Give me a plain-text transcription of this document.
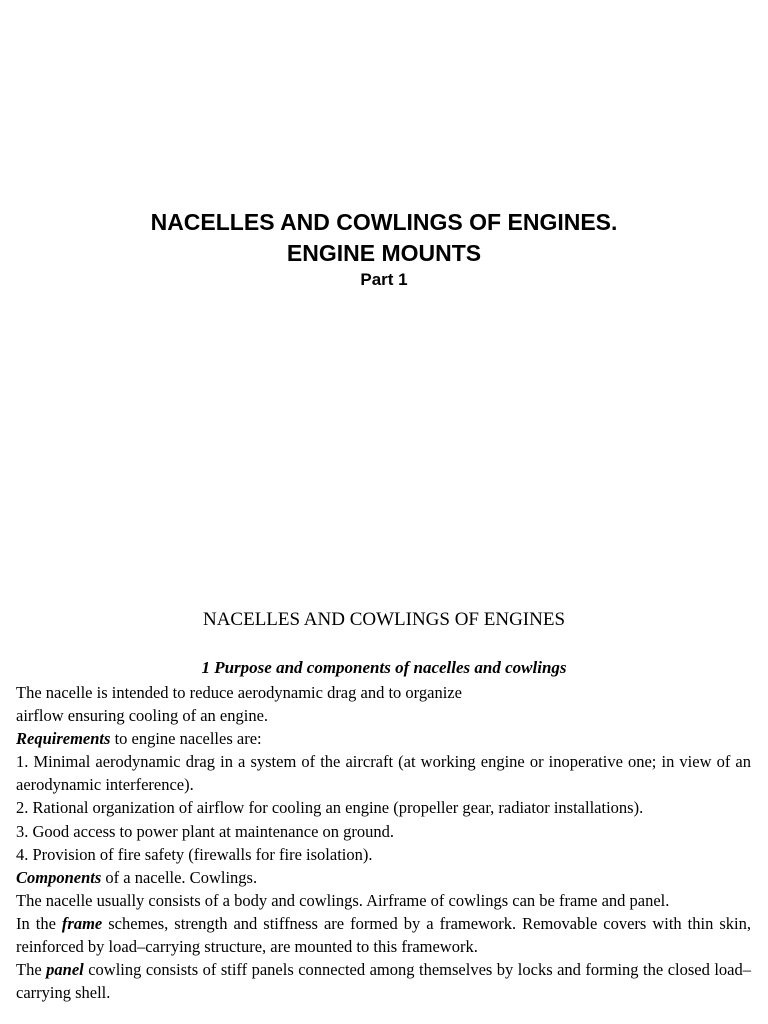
NACELLES AND COWLINGS OF ENGINES.
ENGINE MOUNTS
Part 1
NACELLES AND COWLINGS OF ENGINES
1 Purpose and components of nacelles and cowlings

The nacelle is intended to reduce aerodynamic drag and to organize

airflow ensuring cooling of an engine.

Requirements to engine nacelles are:

1. Minimal aerodynamic drag in a system of the aircraft (at working engine or inoperative one; in view of an aerodynamic interference).

2. Rational organization of airflow for cooling an engine (propeller gear, radiator installations).

3. Good access to power plant at maintenance on ground.

4. Provision of fire safety (firewalls for fire isolation).

Components of a nacelle. Cowlings.

The nacelle usually consists of a body and cowlings. Airframe of cowlings can be frame and panel.

In the frame schemes, strength and stiffness are formed by a framework. Removable covers with thin skin, reinforced by load–carrying structure, are mounted to this framework.

The panel cowling consists of stiff panels connected among themselves by locks and forming the closed load–carrying shell.
